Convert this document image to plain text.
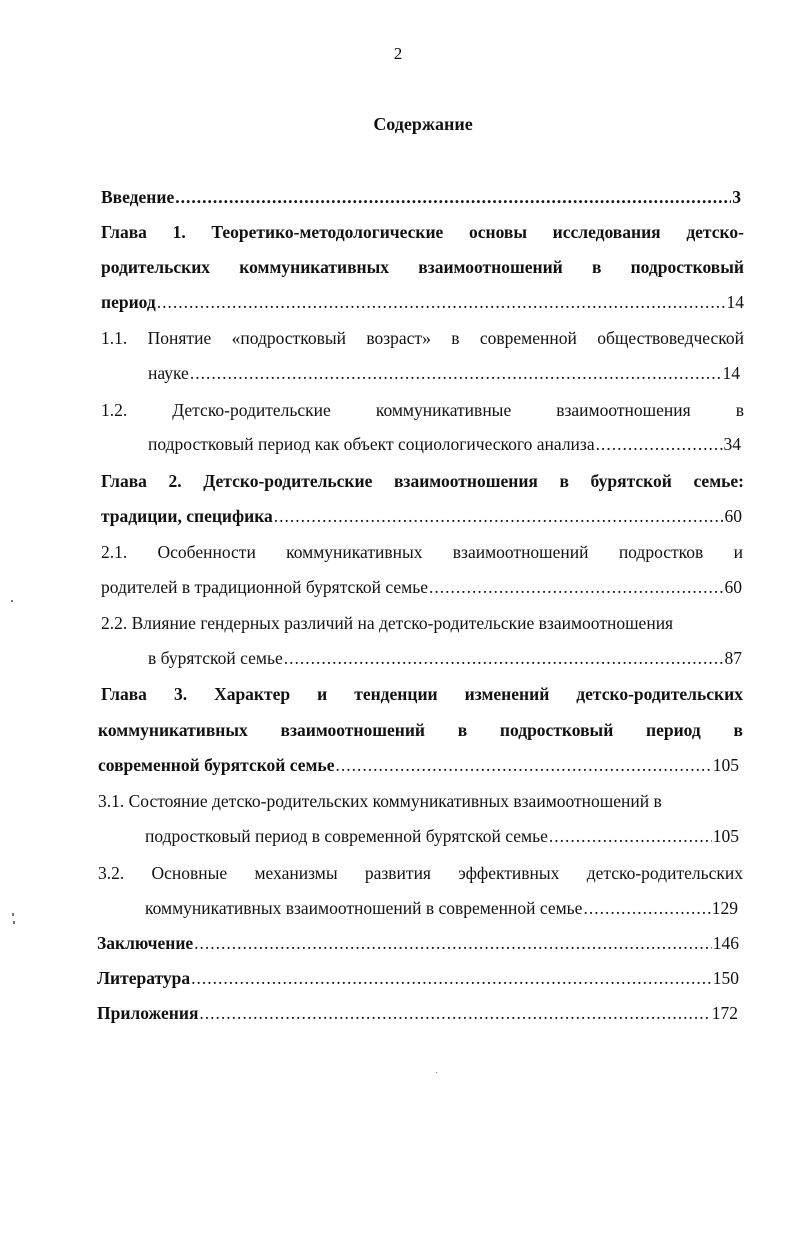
2
Содержание
Введение .....	3
Глава 1. Теоретико-методологические основы исследования детско-
родительских коммуникативных взаимоотношений в подростковый
период .....	14
1.1. Понятие «подростковый возраст» в современной обществоведческой
науке .....	14
1.2.	Детско-родительские	коммуникативные	взаимоотношения	в
подростковый период как объект социологического анализа .....	34
Глава 2. Детско-родительские взаимоотношения в бурятской семье:
традиции, специфика .....	60
2.1. Особенности коммуникативных взаимоотношений подростков и
родителей в традиционной бурятской семье .....	60
2.2. Влияние гендерных различий на детско-родительские взаимоотношения
в бурятской семье .....	87
Глава 3. Характер и тенденции изменений детско-родительских
коммуникативных взаимоотношений в подростковый период в
современной бурятской семье .....	105
3.1. Состояние детско-родительских коммуникативных взаимоотношений в
подростковый период в современной бурятской семье .....	105
3.2. Основные механизмы развития эффективных детско-родительских
коммуникативных взаимоотношений в современной семье .....	129
Заключение .....	146
Литература .....	150
Приложения .....	172
